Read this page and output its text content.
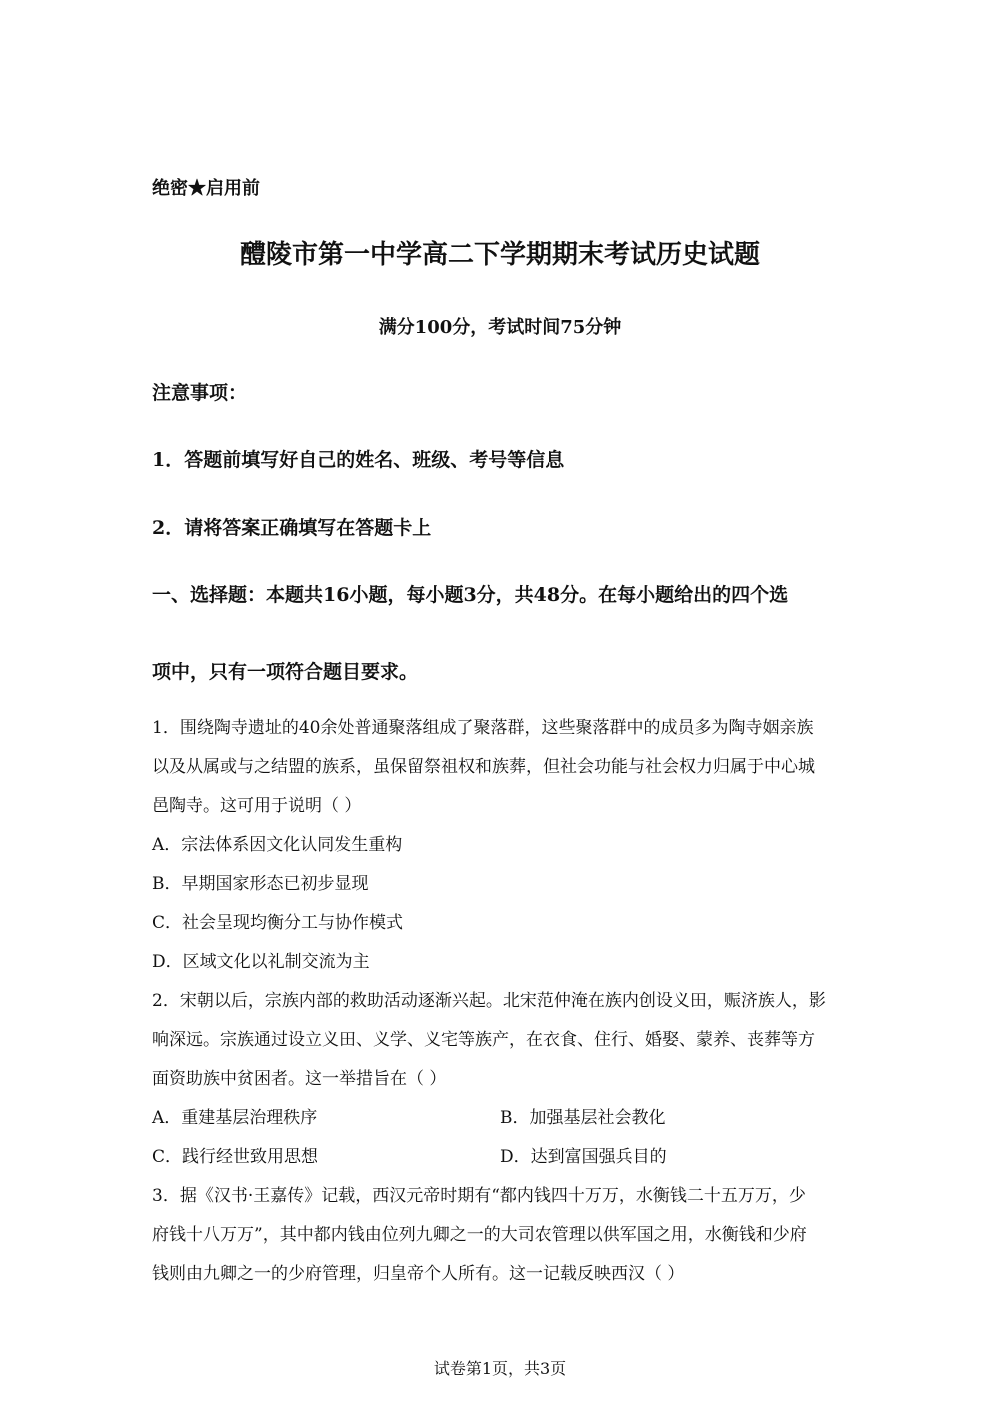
绝密★启用前
醴陵市第一中学高二下学期期末考试历史试题
满分100分，考试时间75分钟
注意事项：
1．答题前填写好自己的姓名、班级、考号等信息
2．请将答案正确填写在答题卡上
一、选择题：本题共16小题，每小题3分，共48分。在每小题给出的四个选
项中，只有一项符合题目要求。
1．围绕陶寺遗址的40余处普通聚落组成了聚落群，这些聚落群中的成员多为陶寺姻亲族
以及从属或与之结盟的族系，虽保留祭祖权和族葬，但社会功能与社会权力归属于中心城
邑陶寺。这可用于说明（ ）
A．宗法体系因文化认同发生重构
B．早期国家形态已初步显现
C．社会呈现均衡分工与协作模式
D．区域文化以礼制交流为主
2．宋朝以后，宗族内部的救助活动逐渐兴起。北宋范仲淹在族内创设义田，赈济族人，影
响深远。宗族通过设立义田、义学、义宅等族产，在衣食、住行、婚娶、蒙养、丧葬等方
面资助族中贫困者。这一举措旨在（ ）
A．重建基层治理秩序	B．加强基层社会教化
C．践行经世致用思想	D．达到富国强兵目的
3．据《汉书·王嘉传》记载，西汉元帝时期有“都内钱四十万万，水衡钱二十五万万，少
府钱十八万万”，其中都内钱由位列九卿之一的大司农管理以供军国之用，水衡钱和少府
钱则由九卿之一的少府管理，归皇帝个人所有。这一记载反映西汉（ ）
试卷第1页，共3页
